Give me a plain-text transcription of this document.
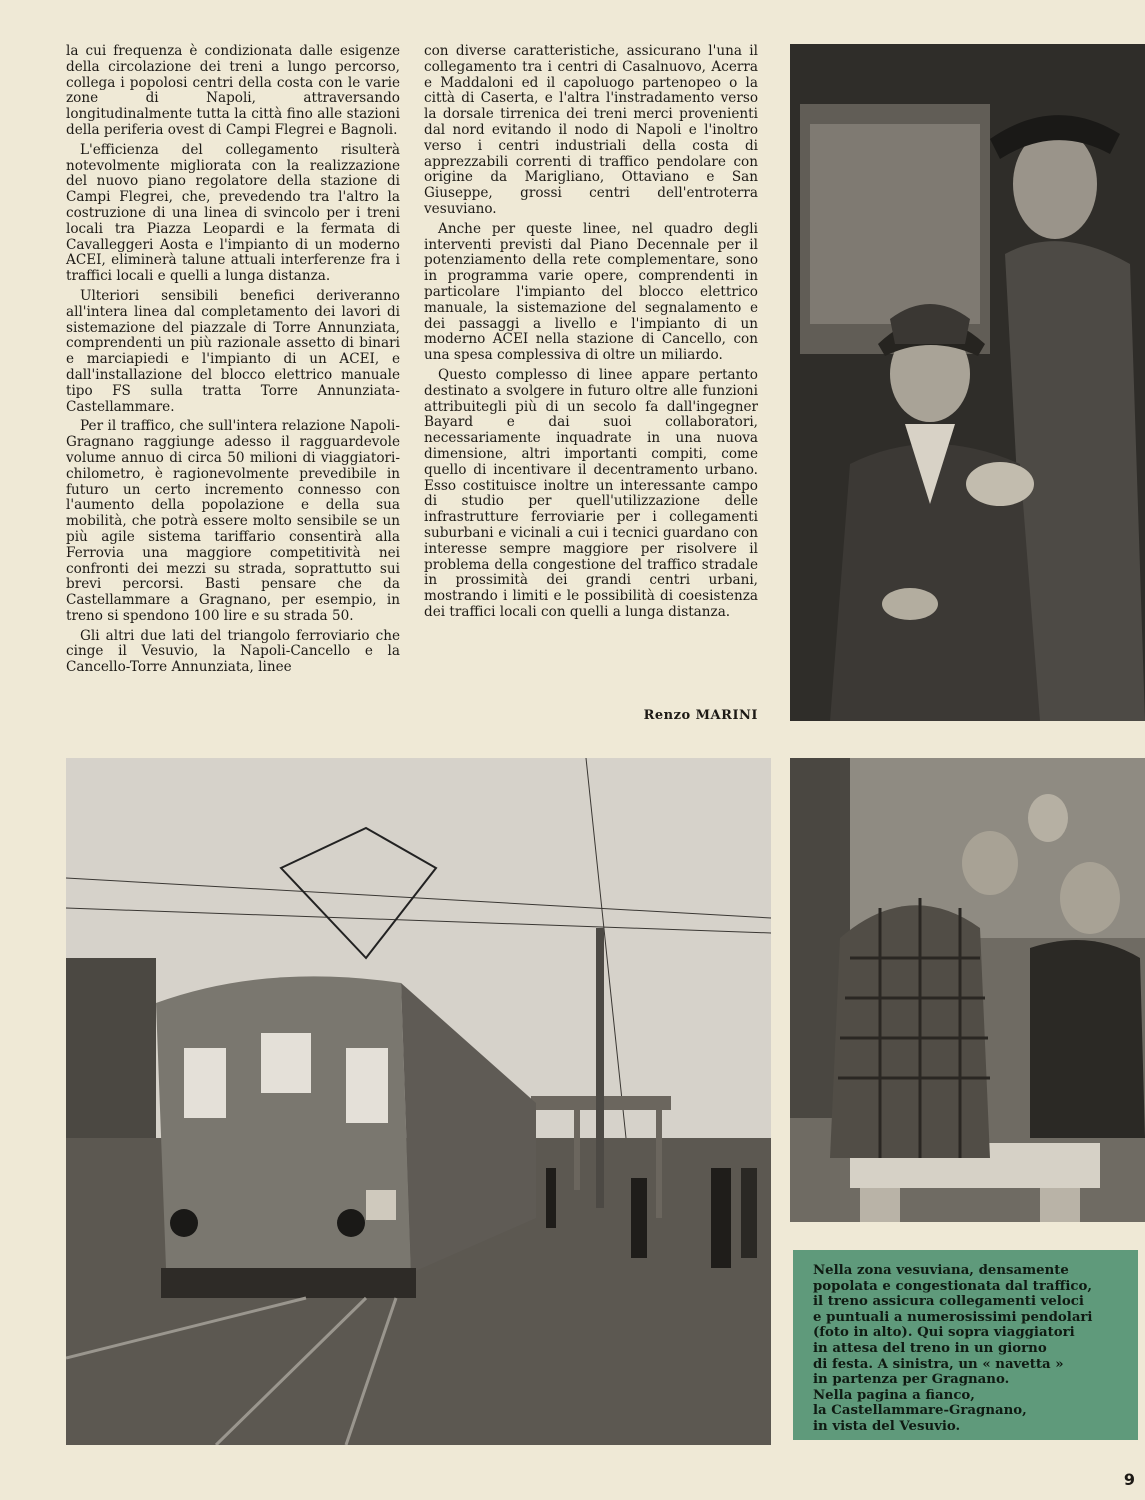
la cui frequenza è condizionata dalle esigenze della circolazione dei treni a lungo percorso, collega i popolosi centri della costa con le varie zone di Napoli, attraversando longitudinalmente tutta la città fino alle stazioni della periferia ovest di Campi Flegrei e Bagnoli.

L'efficienza del collegamento risulterà notevolmente migliorata con la realizzazione del nuovo piano regolatore della stazione di Campi Flegrei, che, prevedendo tra l'altro la costruzione di una linea di svincolo per i treni locali tra Piazza Leopardi e la fermata di Cavalleggeri Aosta e l'impianto di un moderno ACEI, eliminerà talune attuali interferenze fra i traffici locali e quelli a lunga distanza.

Ulteriori sensibili benefici deriveranno all'intera linea dal completamento dei lavori di sistemazione del piazzale di Torre Annunziata, comprendenti un più razionale assetto di binari e marciapiedi e l'impianto di un ACEI, e dall'installazione del blocco elettrico manuale tipo FS sulla tratta Torre Annunziata-Castellammare.

Per il traffico, che sull'intera relazione Napoli-Gragnano raggiunge adesso il ragguardevole volume annuo di circa 50 milioni di viaggiatori-chilometro, è ragionevolmente prevedibile in futuro un certo incremento connesso con l'aumento della popolazione e della sua mobilità, che potrà essere molto sensibile se un più agile sistema tariffario consentirà alla Ferrovia una maggiore competitività nei confronti dei mezzi su strada, soprattutto sui brevi percorsi. Basti pensare che da Castellammare a Gragnano, per esempio, in treno si spendono 100 lire e su strada 50.

Gli altri due lati del triangolo ferroviario che cinge il Vesuvio, la Napoli-Cancello e la Cancello-Torre Annunziata, linee

con diverse caratteristiche, assicurano l'una il collegamento tra i centri di Casalnuovo, Acerra e Maddaloni ed il capoluogo partenopeo o la città di Caserta, e l'altra l'instradamento verso la dorsale tirrenica dei treni merci provenienti dal nord evitando il nodo di Napoli e l'inoltro verso i centri industriali della costa di apprezzabili correnti di traffico pendolare con origine da Marigliano, Ottaviano e San Giuseppe, grossi centri dell'entroterra vesuviano.

Anche per queste linee, nel quadro degli interventi previsti dal Piano Decennale per il potenziamento della rete complementare, sono in programma varie opere, comprendenti in particolare l'impianto del blocco elettrico manuale, la sistemazione del segnalamento e dei passaggi a livello e l'impianto di un moderno ACEI nella stazione di Cancello, con una spesa complessiva di oltre un miliardo.

Questo complesso di linee appare pertanto destinato a svolgere in futuro oltre alle funzioni attribuitegli più di un secolo fa dall'ingegner Bayard e dai suoi collaboratori, necessariamente inquadrate in una nuova dimensione, altri importanti compiti, come quello di incentivare il decentramento urbano. Esso costituisce inoltre un interessante campo di studio per quell'utilizzazione delle infrastrutture ferroviarie per i collegamenti suburbani e vicinali a cui i tecnici guardano con interesse sempre maggiore per risolvere il problema della congestione del traffico stradale in prossimità dei grandi centri urbani, mostrando i limiti e le possibilità di coesistenza dei traffici locali con quelli a lunga distanza.

Renzo MARINI
Nella zona vesuviana, densamente
popolata e congestionata dal traffico,
il treno assicura collegamenti veloci
e puntuali a numerosissimi pendolari
(foto in alto). Qui sopra viaggiatori
in attesa del treno in un giorno
di festa. A sinistra, un « navetta »
in partenza per Gragnano.
Nella pagina a fianco,
la Castellammare-Gragnano,
in vista del Vesuvio.
9
